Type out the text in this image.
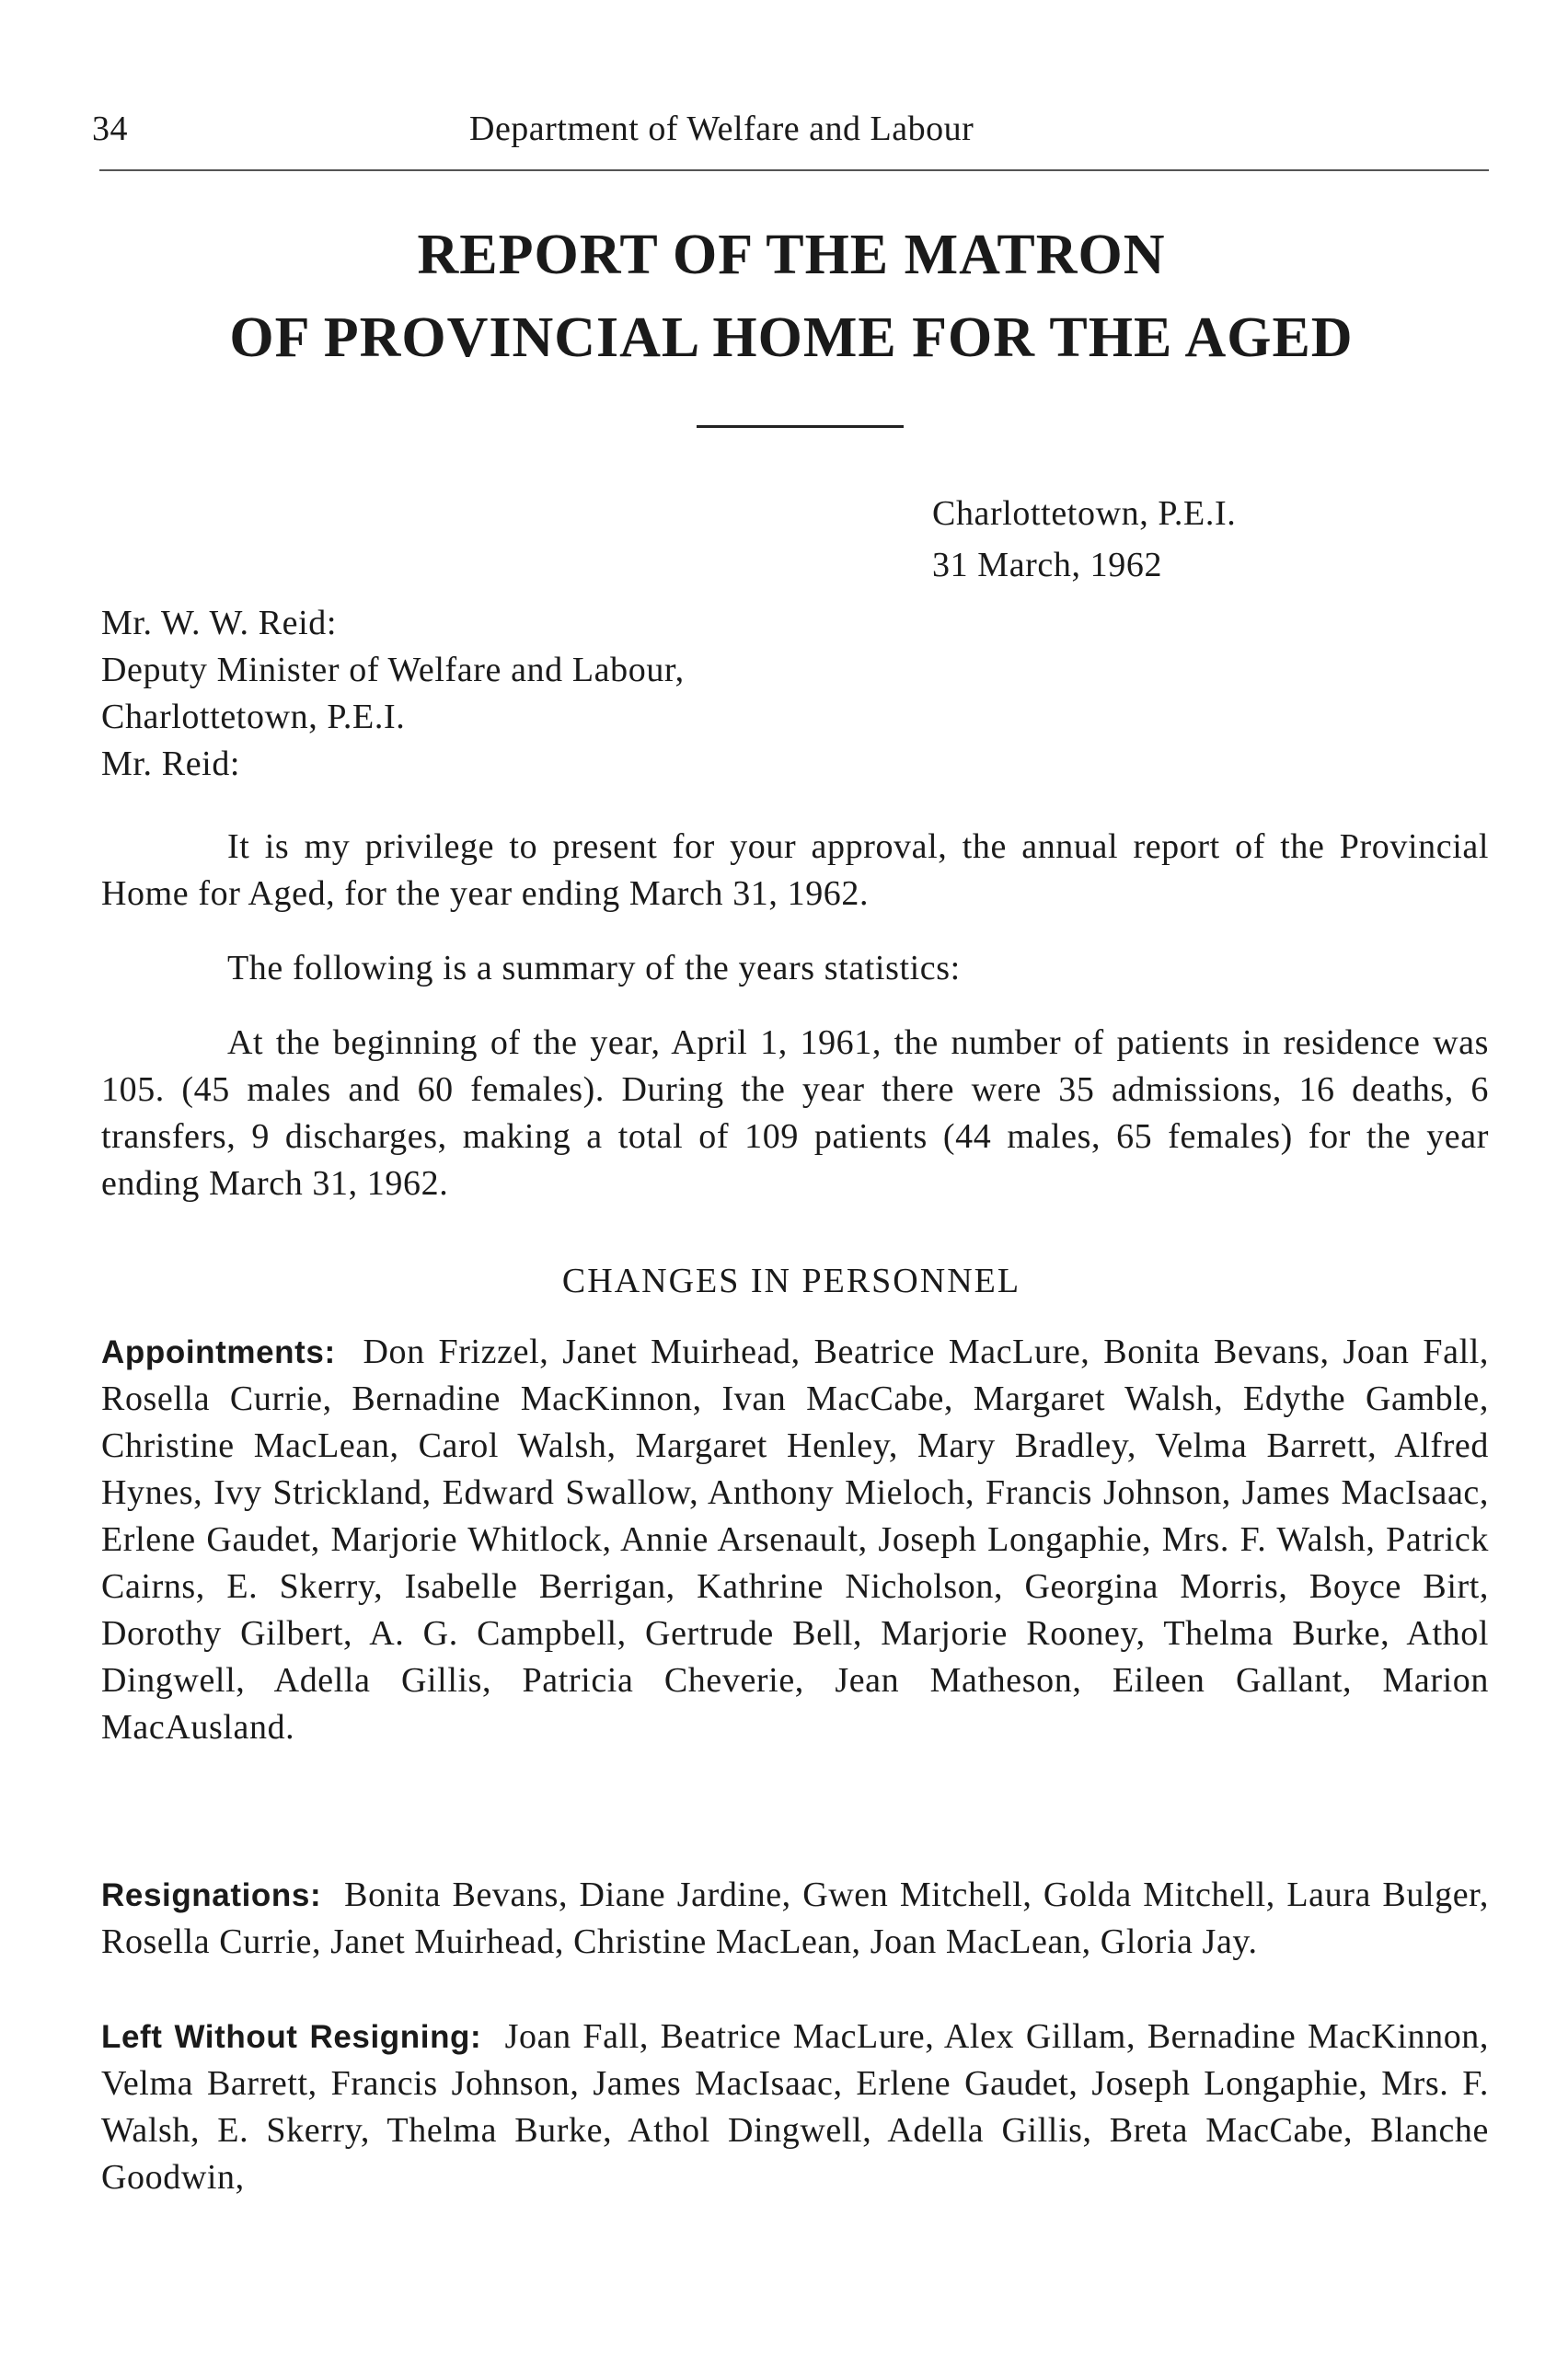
34	Department of Welfare and Labour
REPORT OF THE MATRON
OF PROVINCIAL HOME FOR THE AGED
Charlottetown, P.E.I.
31 March, 1962
Mr. W. W. Reid:
Deputy Minister of Welfare and Labour,
Charlottetown, P.E.I.
Mr. Reid:

It is my privilege to present for your approval, the annual report of the Provincial Home for Aged, for the year ending March 31, 1962.

The following is a summary of the years statistics:

At the beginning of the year, April 1, 1961, the number of patients in residence was 105. (45 males and 60 females). During the year there were 35 admissions, 16 deaths, 6 transfers, 9 discharges, making a total of 109 patients (44 males, 65 females) for the year ending March 31, 1962.

CHANGES IN PERSONNEL

Appointments: Don Frizzel, Janet Muirhead, Beatrice MacLure, Bonita Bevans, Joan Fall, Rosella Currie, Bernadine MacKinnon, Ivan MacCabe, Margaret Walsh, Edythe Gamble, Christine MacLean, Carol Walsh, Margaret Henley, Mary Bradley, Velma Barrett, Alfred Hynes, Ivy Strickland, Edward Swallow, Anthony Mieloch, Francis Johnson, James MacIsaac, Erlene Gaudet, Marjorie Whitlock, Annie Arsenault, Joseph Longaphie, Mrs. F. Walsh, Patrick Cairns, E. Skerry, Isabelle Berrigan, Kathrine Nicholson, Georgina Morris, Boyce Birt, Dorothy Gilbert, A. G. Campbell, Gertrude Bell, Marjorie Rooney, Thelma Burke, Athol Dingwell, Adella Gillis, Patricia Cheverie, Jean Matheson, Eileen Gallant, Marion MacAusland.

Resignations: Bonita Bevans, Diane Jardine, Gwen Mitchell, Golda Mitchell, Laura Bulger, Rosella Currie, Janet Muirhead, Christine MacLean, Joan MacLean, Gloria Jay.

Left Without Resigning: Joan Fall, Beatrice MacLure, Alex Gillam, Bernadine MacKinnon, Velma Barrett, Francis Johnson, James MacIsaac, Erlene Gaudet, Joseph Longaphie, Mrs. F. Walsh, E. Skerry, Thelma Burke, Athol Dingwell, Adella Gillis, Breta MacCabe, Blanche Goodwin,
